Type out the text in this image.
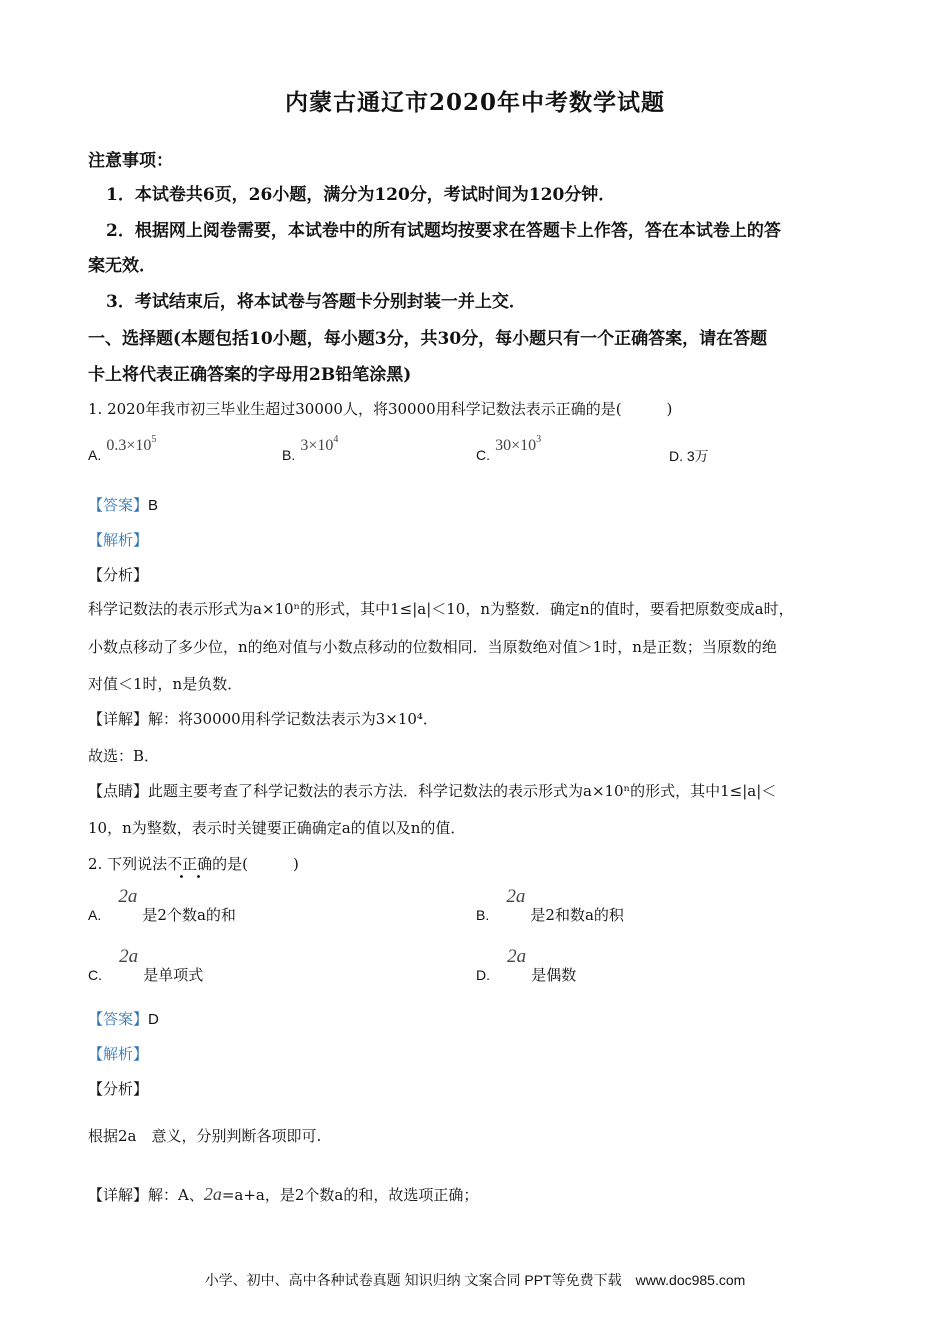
内蒙古通辽市2020年中考数学试题
注意事项：
1．本试卷共6页，26小题，满分为120分，考试时间为120分钟．
2．根据网上阅卷需要，本试卷中的所有试题均按要求在答题卡上作答，答在本试卷上的答
案无效．
3．考试结束后，将本试卷与答题卡分别封装一并上交．
一、选择题(本题包括10小题，每小题3分，共30分，每小题只有一个正确答案，请在答题
卡上将代表正确答案的字母用2B铅笔涂黑)
1. 2020年我市初三毕业生超过30000人，将30000用科学记数法表示正确的是(　　　)
A. $0.3\times 10^5$
B. $3\times 10^4$
C. $30\times 10^3$
D. 3万
【答案】B
【解析】
【分析】
科学记数法的表示形式为a×10ⁿ的形式，其中1≤|a|＜10，n为整数．确定n的值时，要看把原数变成a时，
小数点移动了多少位，n的绝对值与小数点移动的位数相同．当原数绝对值＞1时，n是正数；当原数的绝
对值＜1时，n是负数．
【详解】解：将30000用科学记数法表示为3×10⁴．
故选：B．
【点睛】此题主要考查了科学记数法的表示方法．科学记数法的表示形式为a×10ⁿ的形式，其中1≤|a|＜
10，n为整数，表示时关键要正确确定a的值以及n的值．
2. 下列说法不正确的是(　　　)
A. 2a 是2个数a的和	B. 2a 是2和数a的积
C. 2a 是单项式	D. 2a 是偶数
【答案】D
【解析】
【分析】
根据2a　意义，分别判断各项即可.
【详解】解：A、2a=a+a，是2个数a的和，故选项正确；
小学、初中、高中各种试卷真题 知识归纳 文案合同 PPT等免费下载　www.doc985.com
